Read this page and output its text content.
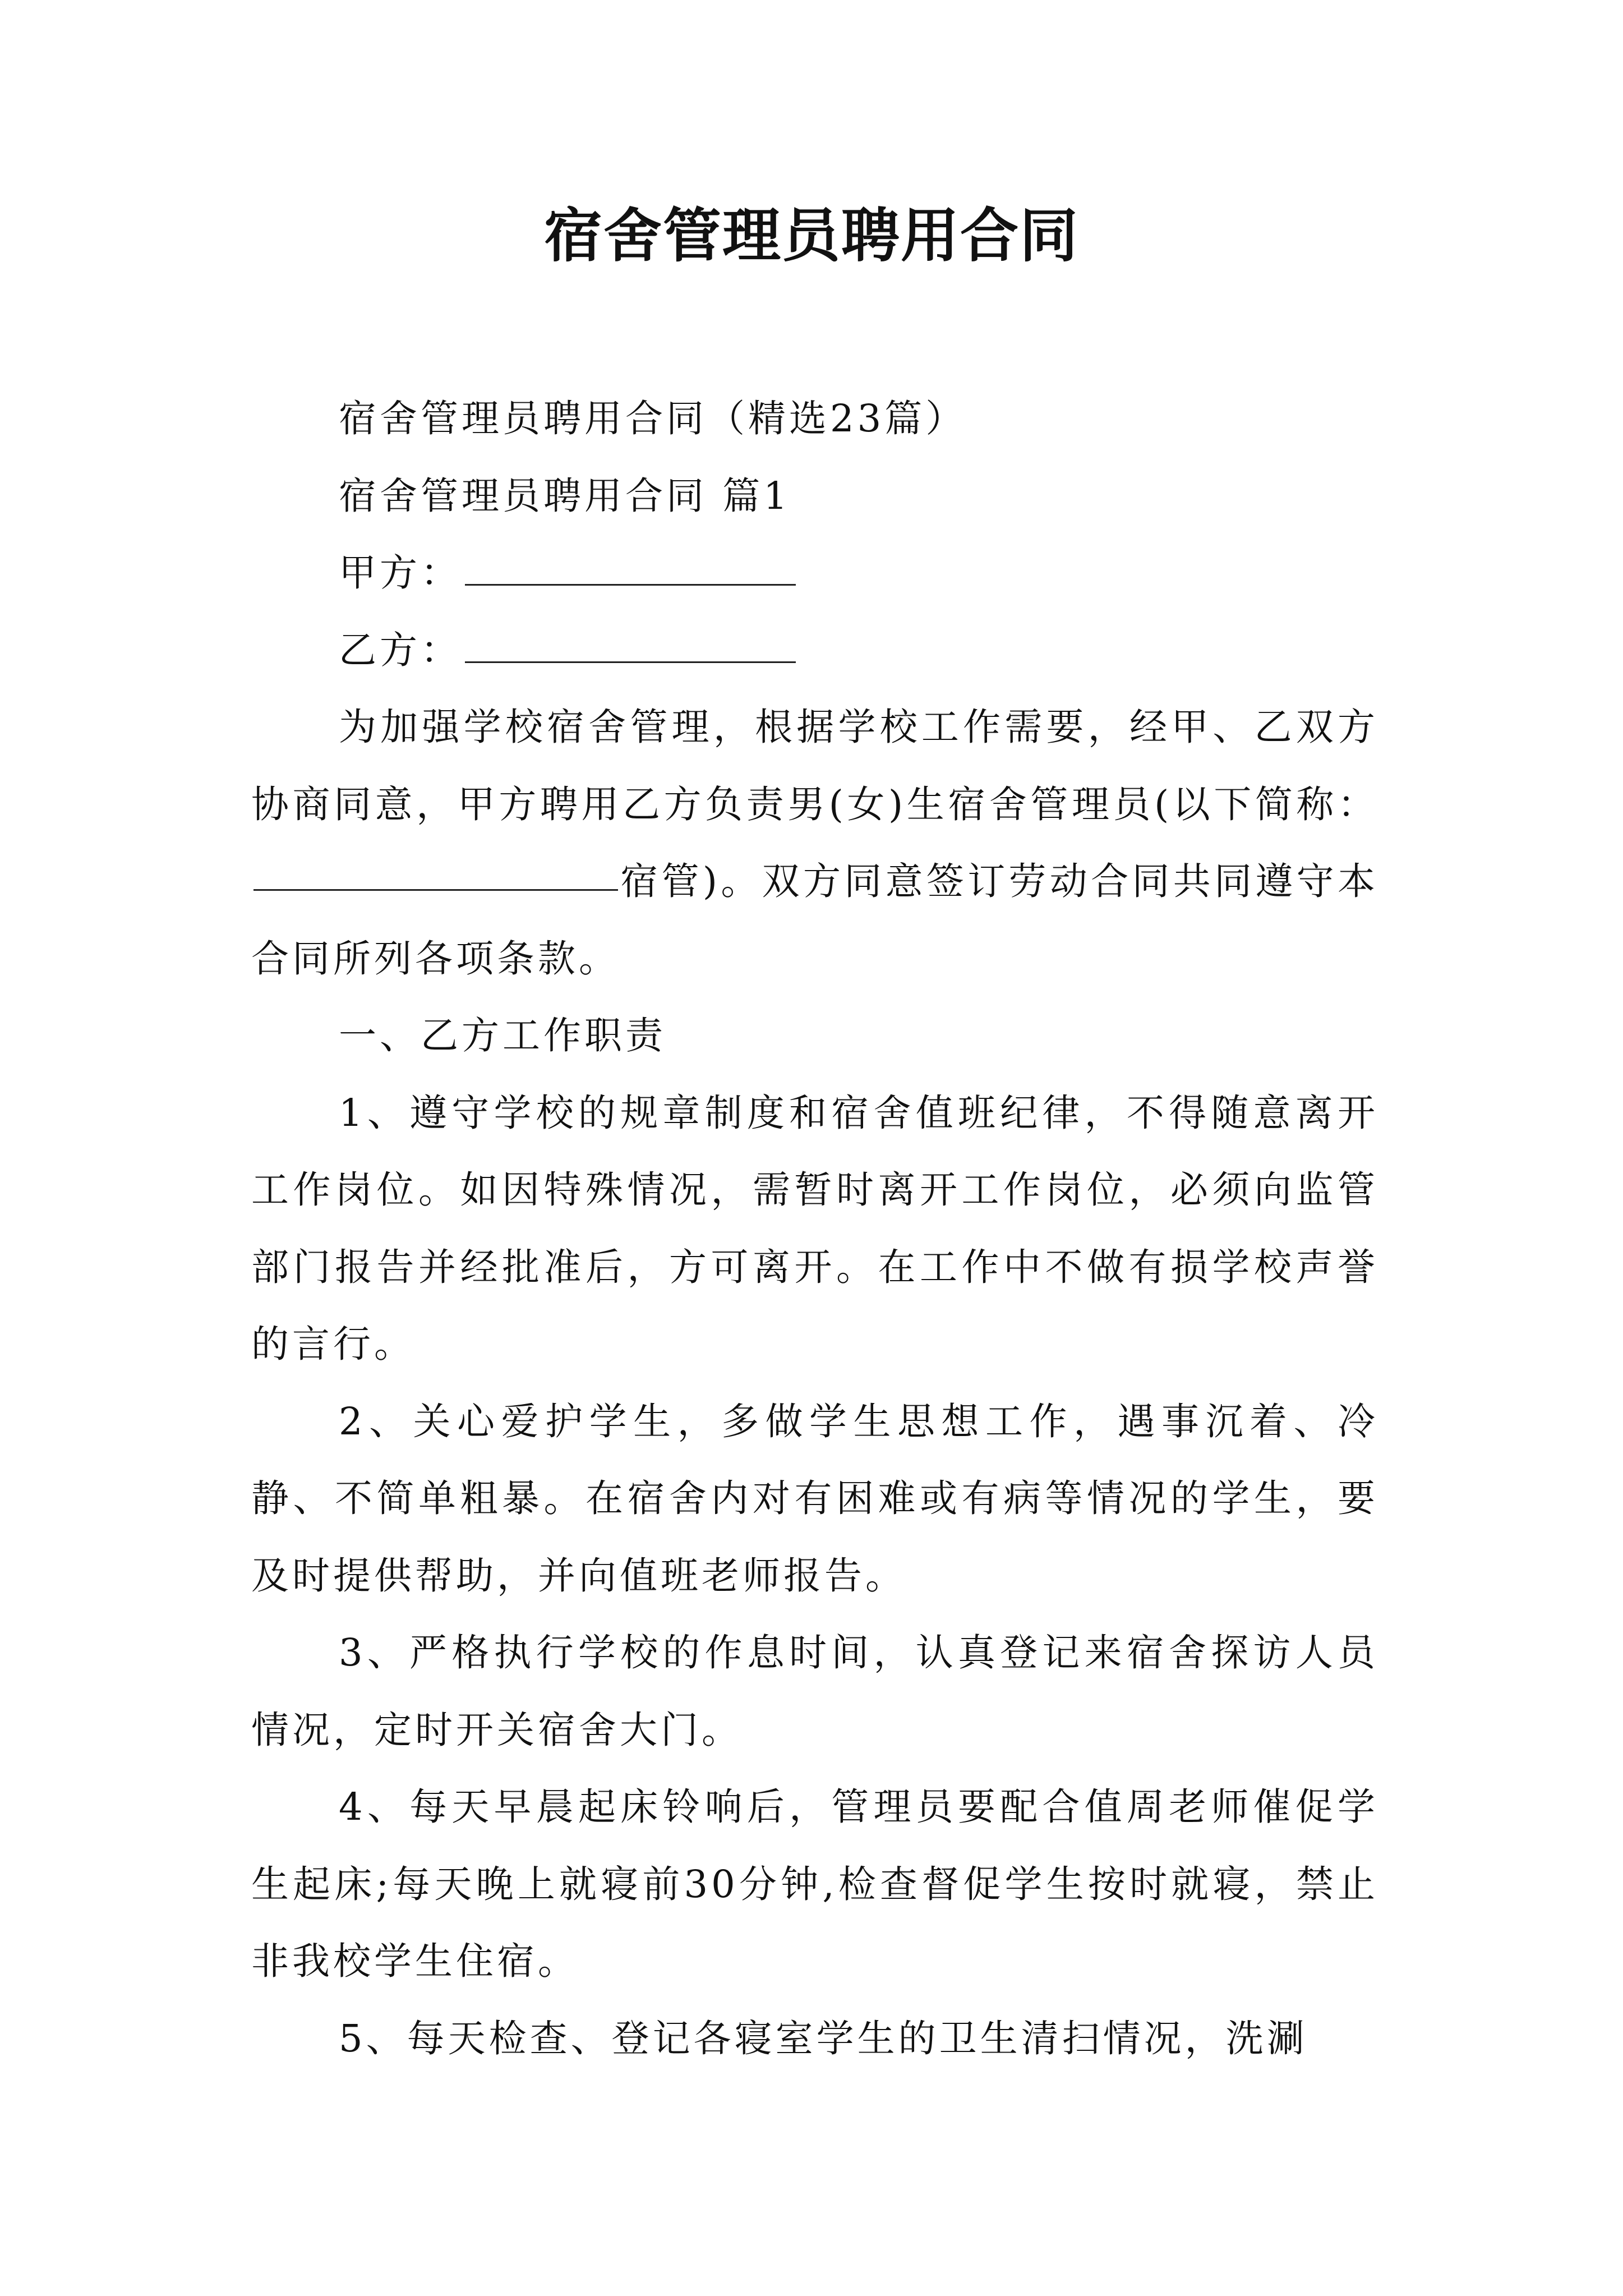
宿舍管理员聘用合同

宿舍管理员聘用合同（精选23篇）

宿舍管理员聘用合同 篇1

甲方：

乙方：

为加强学校宿舍管理，根据学校工作需要，经甲、乙双方协商同意，甲方聘用乙方负责男(女)生宿舍管理员(以下简称：宿管)。双方同意签订劳动合同共同遵守本合同所列各项条款。

一、乙方工作职责

1、遵守学校的规章制度和宿舍值班纪律，不得随意离开工作岗位。如因特殊情况，需暂时离开工作岗位，必须向监管部门报告并经批准后，方可离开。在工作中不做有损学校声誉的言行。

2、关心爱护学生，多做学生思想工作，遇事沉着、冷静、不简单粗暴。在宿舍内对有困难或有病等情况的学生，要及时提供帮助，并向值班老师报告。

3、严格执行学校的作息时间，认真登记来宿舍探访人员情况，定时开关宿舍大门。

4、每天早晨起床铃响后，管理员要配合值周老师催促学生起床;每天晚上就寝前30分钟,检查督促学生按时就寝，禁止非我校学生住宿。

5、每天检查、登记各寝室学生的卫生清扫情况，洗涮
